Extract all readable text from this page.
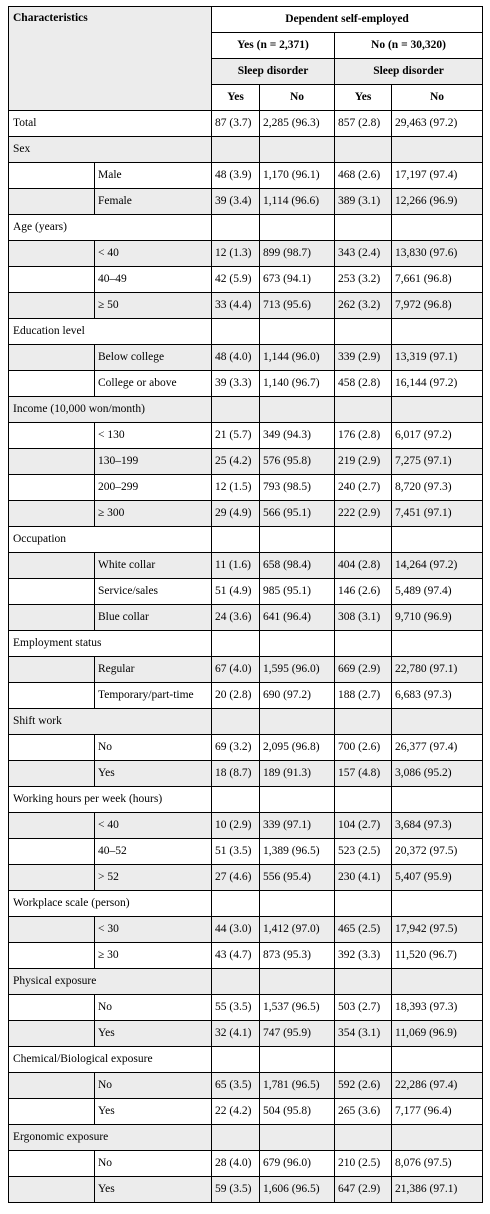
Characteristics		Dependent self-employed			
		Yes (n = 2,371)		No (n = 30,320)	
		Sleep disorder		Sleep disorder	
		Yes	No	Yes	No
Total		87 (3.7)	2,285 (96.3)	857 (2.8)	29,463 (97.2)
Sex					
	Male	48 (3.9)	1,170 (96.1)	468 (2.6)	17,197 (97.4)
	Female	39 (3.4)	1,114 (96.6)	389 (3.1)	12,266 (96.9)
Age (years)					
	< 40	12 (1.3)	899 (98.7)	343 (2.4)	13,830 (97.6)
	40–49	42 (5.9)	673 (94.1)	253 (3.2)	7,661 (96.8)
	≥ 50	33 (4.4)	713 (95.6)	262 (3.2)	7,972 (96.8)
Education level					
	Below college	48 (4.0)	1,144 (96.0)	339 (2.9)	13,319 (97.1)
	College or above	39 (3.3)	1,140 (96.7)	458 (2.8)	16,144 (97.2)
Income (10,000 won/month)					
	< 130	21 (5.7)	349 (94.3)	176 (2.8)	6,017 (97.2)
	130–199	25 (4.2)	576 (95.8)	219 (2.9)	7,275 (97.1)
	200–299	12 (1.5)	793 (98.5)	240 (2.7)	8,720 (97.3)
	≥ 300	29 (4.9)	566 (95.1)	222 (2.9)	7,451 (97.1)
Occupation					
	White collar	11 (1.6)	658 (98.4)	404 (2.8)	14,264 (97.2)
	Service/sales	51 (4.9)	985 (95.1)	146 (2.6)	5,489 (97.4)
	Blue collar	24 (3.6)	641 (96.4)	308 (3.1)	9,710 (96.9)
Employment status					
	Regular	67 (4.0)	1,595 (96.0)	669 (2.9)	22,780 (97.1)
	Temporary/part-time	20 (2.8)	690 (97.2)	188 (2.7)	6,683 (97.3)
Shift work					
	No	69 (3.2)	2,095 (96.8)	700 (2.6)	26,377 (97.4)
	Yes	18 (8.7)	189 (91.3)	157 (4.8)	3,086 (95.2)
Working hours per week (hours)					
	< 40	10 (2.9)	339 (97.1)	104 (2.7)	3,684 (97.3)
	40–52	51 (3.5)	1,389 (96.5)	523 (2.5)	20,372 (97.5)
	> 52	27 (4.6)	556 (95.4)	230 (4.1)	5,407 (95.9)
Workplace scale (person)					
	< 30	44 (3.0)	1,412 (97.0)	465 (2.5)	17,942 (97.5)
	≥ 30	43 (4.7)	873 (95.3)	392 (3.3)	11,520 (96.7)
Physical exposure					
	No	55 (3.5)	1,537 (96.5)	503 (2.7)	18,393 (97.3)
	Yes	32 (4.1)	747 (95.9)	354 (3.1)	11,069 (96.9)
Chemical/Biological exposure					
	No	65 (3.5)	1,781 (96.5)	592 (2.6)	22,286 (97.4)
	Yes	22 (4.2)	504 (95.8)	265 (3.6)	7,177 (96.4)
Ergonomic exposure					
	No	28 (4.0)	679 (96.0)	210 (2.5)	8,076 (97.5)
	Yes	59 (3.5)	1,606 (96.5)	647 (2.9)	21,386 (97.1)
